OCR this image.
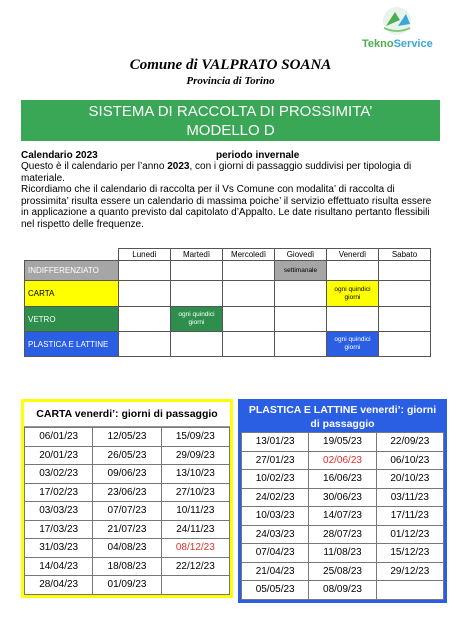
TeknoService
Comune di VALPRATO SOANA
Provincia di Torino
SISTEMA DI RACCOLTA DI PROSSIMITA’
MODELLO D
Calendario 2023	periodo invernale
Questo è il calendario per l’anno 2023, con i giorni di passaggio suddivisi per tipologia di materiale.
Ricordiamo che il calendario di raccolta per il Vs Comune con modalita’ di raccolta di prossimita’ risulta essere un calendario di massima poiche’ il servizio effettuato risulta essere in applicazione a quanto previsto dal capitolato d’Appalto. Le date risultano pertanto flessibili nel rispetto delle frequenze.
	Lunedì	Martedì	Mercoledì	Giovedì	Venerdì	Sabato
INDIFFERENZIATO				settimanale		
CARTA					ogni quindici giorni	
VETRO		ogni quindici giorni				
PLASTICA E LATTINE					ogni quindici giorni	
CARTA venerdi’: giorni di passaggio
06/01/23	12/05/23	15/09/23
20/01/23	26/05/23	29/09/23
03/02/23	09/06/23	13/10/23
17/02/23	23/06/23	27/10/23
03/03/23	07/07/23	10/11/23
17/03/23	21/07/23	24/11/23
31/03/23	04/08/23	08/12/23
14/04/23	18/08/23	22/12/23
28/04/23	01/09/23	
PLASTICA E LATTINE venerdi’: giorni
di passaggio
13/01/23	19/05/23	22/09/23
27/01/23	02/06/23	06/10/23
10/02/23	16/06/23	20/10/23
24/02/23	30/06/23	03/11/23
10/03/23	14/07/23	17/11/23
24/03/23	28/07/23	01/12/23
07/04/23	11/08/23	15/12/23
21/04/23	25/08/23	29/12/23
05/05/23	08/09/23	
